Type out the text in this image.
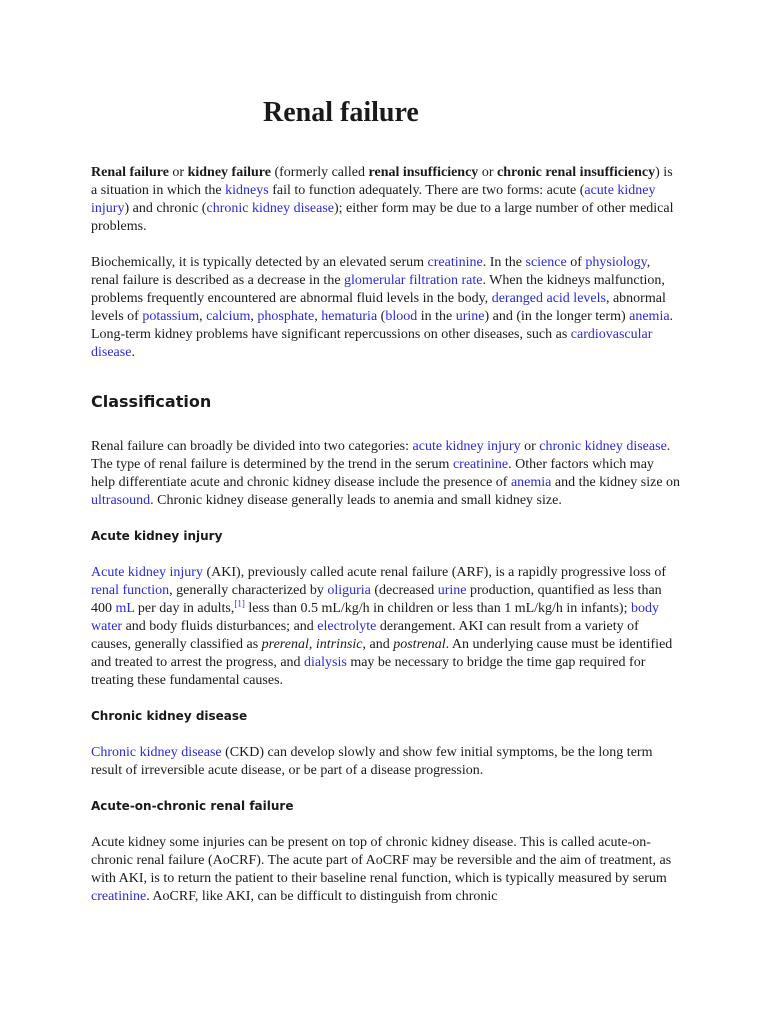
Renal failure

Renal failure or kidney failure (formerly called renal insufficiency or chronic renal insufficiency) is a situation in which the kidneys fail to function adequately. There are two forms: acute (acute kidney injury) and chronic (chronic kidney disease); either form may be due to a large number of other medical problems.

Biochemically, it is typically detected by an elevated serum creatinine. In the science of physiology, renal failure is described as a decrease in the glomerular filtration rate. When the kidneys malfunction, problems frequently encountered are abnormal fluid levels in the body, deranged acid levels, abnormal levels of potassium, calcium, phosphate, hematuria (blood in the urine) and (in the longer term) anemia. Long-term kidney problems have significant repercussions on other diseases, such as cardiovascular disease.

Classification

Renal failure can broadly be divided into two categories: acute kidney injury or chronic kidney disease. The type of renal failure is determined by the trend in the serum creatinine. Other factors which may help differentiate acute and chronic kidney disease include the presence of anemia and the kidney size on ultrasound. Chronic kidney disease generally leads to anemia and small kidney size.

Acute kidney injury

Acute kidney injury (AKI), previously called acute renal failure (ARF), is a rapidly progressive loss of renal function, generally characterized by oliguria (decreased urine production, quantified as less than 400 mL per day in adults,[1] less than 0.5 mL/kg/h in children or less than 1 mL/kg/h in infants); body water and body fluids disturbances; and electrolyte derangement. AKI can result from a variety of causes, generally classified as prerenal, intrinsic, and postrenal. An underlying cause must be identified and treated to arrest the progress, and dialysis may be necessary to bridge the time gap required for treating these fundamental causes.

Chronic kidney disease

Chronic kidney disease (CKD) can develop slowly and show few initial symptoms, be the long term result of irreversible acute disease, or be part of a disease progression.

Acute-on-chronic renal failure

Acute kidney some injuries can be present on top of chronic kidney disease. This is called acute-on-chronic renal failure (AoCRF). The acute part of AoCRF may be reversible and the aim of treatment, as with AKI, is to return the patient to their baseline renal function, which is typically measured by serum creatinine. AoCRF, like AKI, can be difficult to distinguish from chronic
